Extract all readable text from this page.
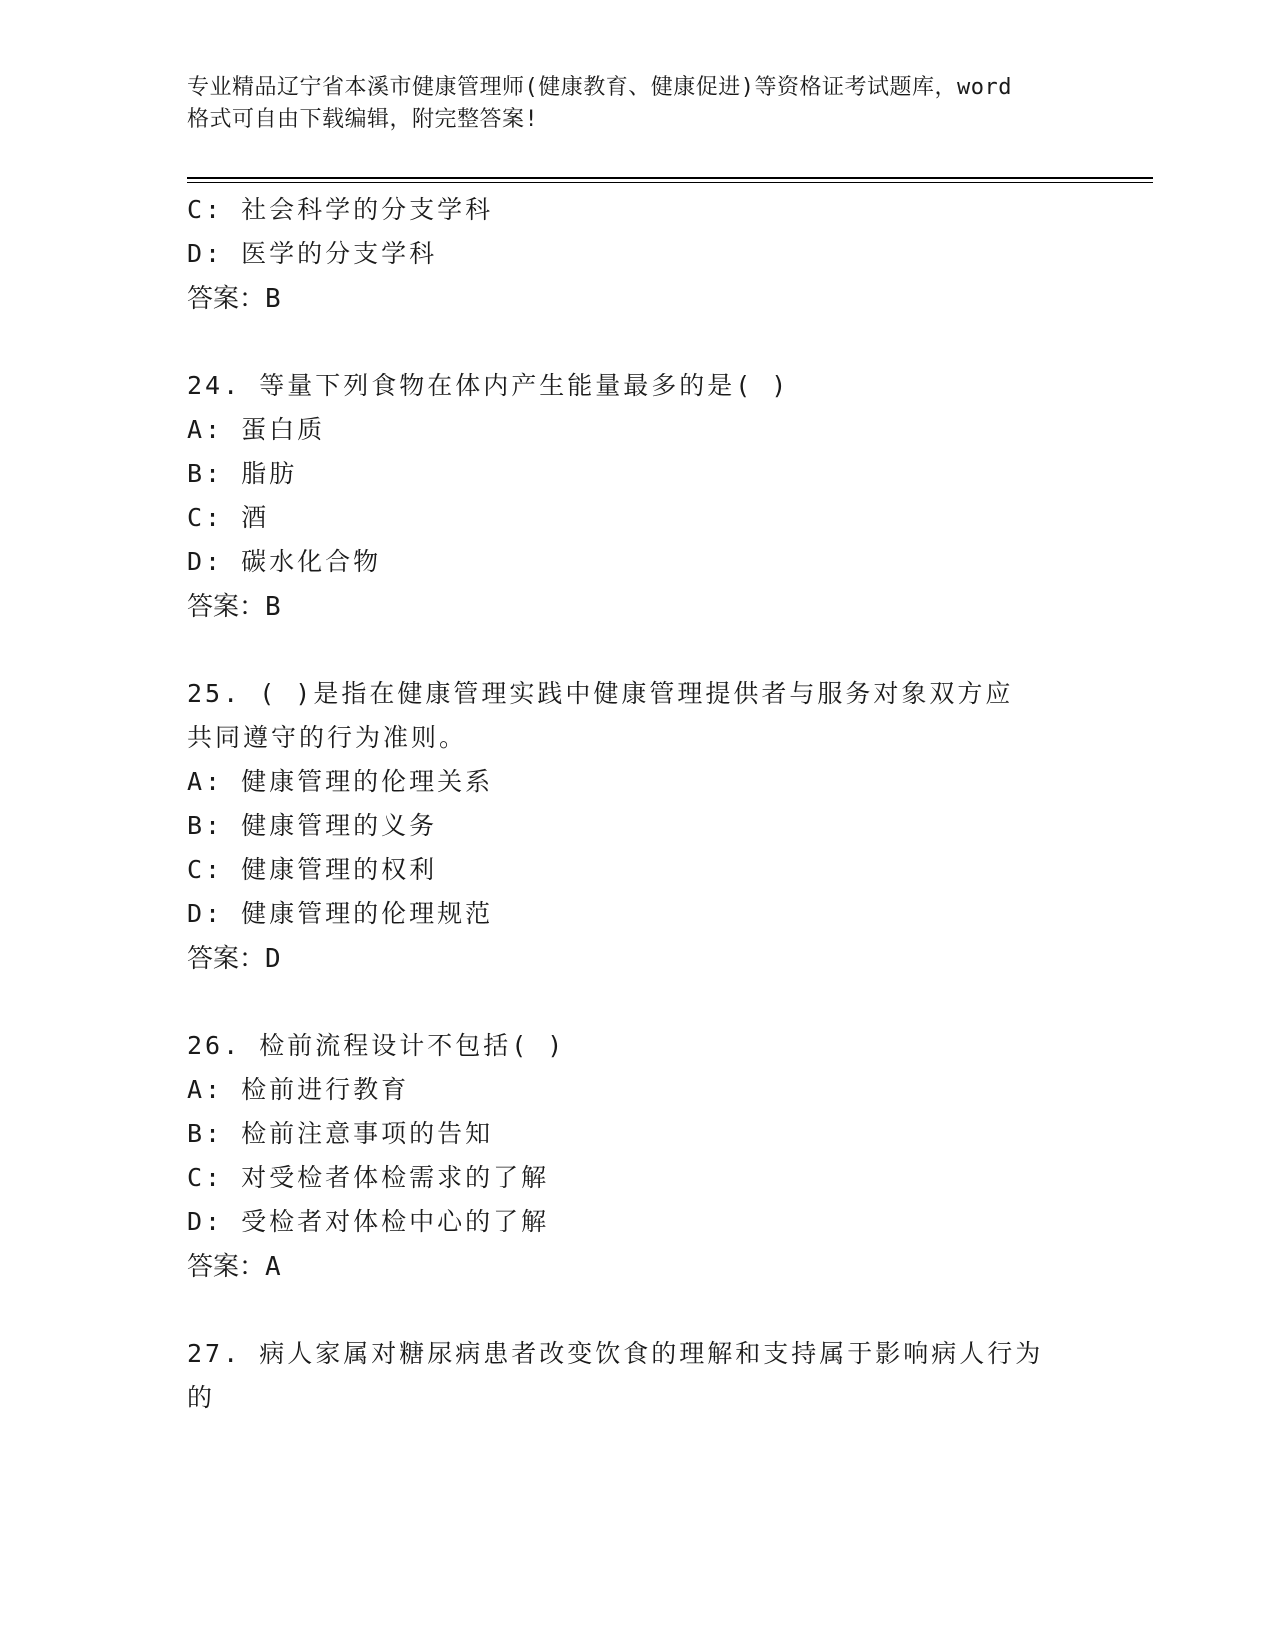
专业精品辽宁省本溪市健康管理师(健康教育、健康促进)等资格证考试题库，word
格式可自由下载编辑，附完整答案!
C: 社会科学的分支学科
D: 医学的分支学科
答案：B
24. 等量下列食物在体内产生能量最多的是( )
A: 蛋白质
B: 脂肪
C: 酒
D: 碳水化合物
答案：B
25. ( )是指在健康管理实践中健康管理提供者与服务对象双方应
共同遵守的行为准则。
A: 健康管理的伦理关系
B: 健康管理的义务
C: 健康管理的权利
D: 健康管理的伦理规范
答案：D
26. 检前流程设计不包括( )
A: 检前进行教育
B: 检前注意事项的告知
C: 对受检者体检需求的了解
D: 受检者对体检中心的了解
答案：A
27. 病人家属对糖尿病患者改变饮食的理解和支持属于影响病人行为
的
